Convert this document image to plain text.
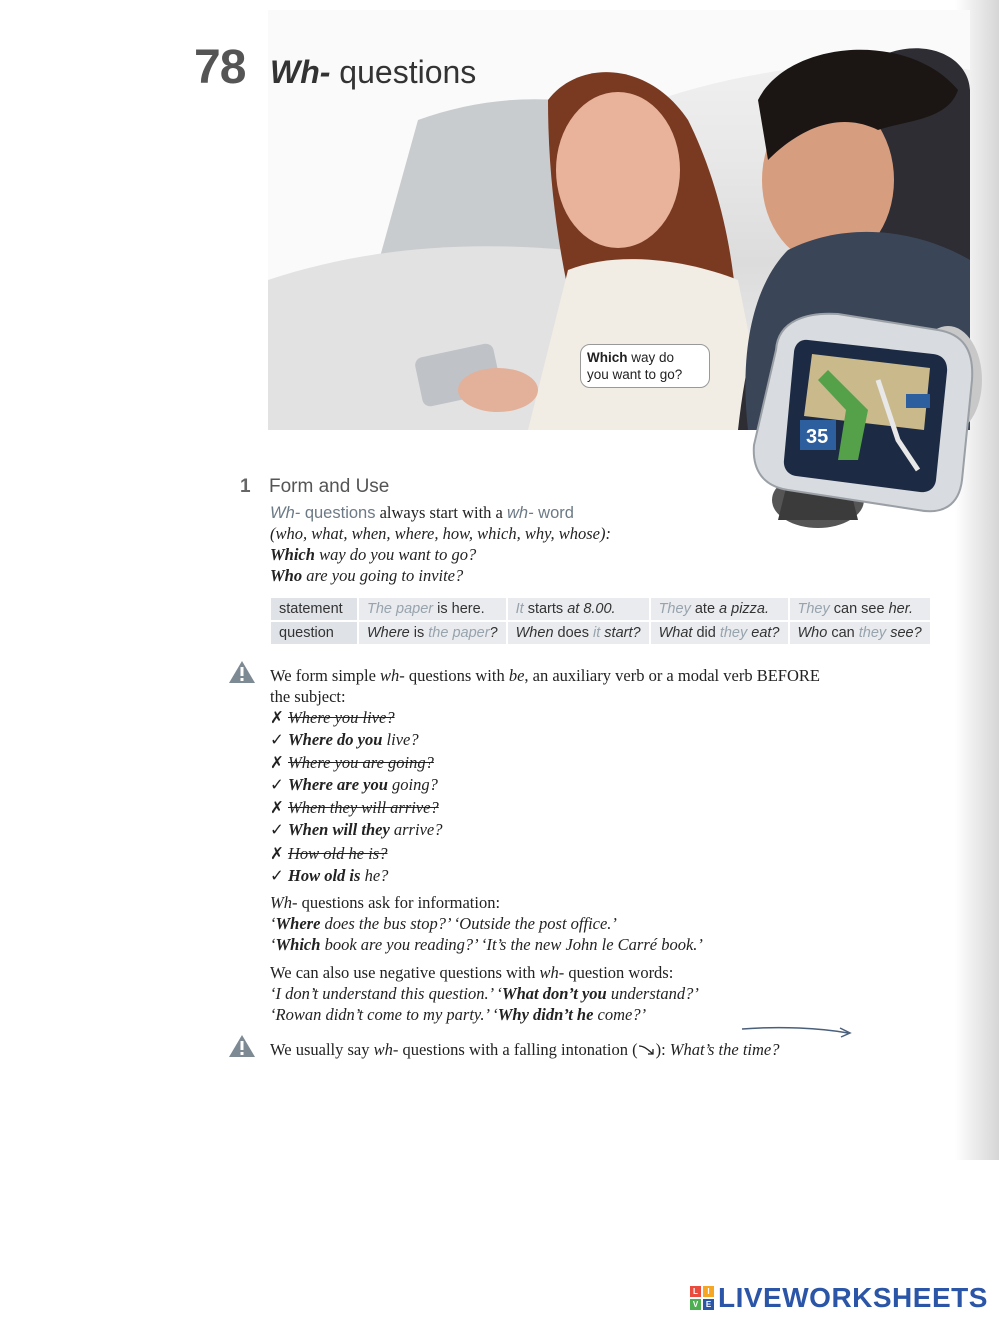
78 Wh- questions
Which way do
you want to go?
35
1 Form and Use
Wh- questions always start with a wh- word
(who, what, when, where, how, which, why, whose):
Which way do you want to go?
Who are you going to invite?
statement	The paper is here.	It starts at 8.00.	They ate a pizza.	They can see her.
question	Where is the paper?	When does it start?	What did they eat?	Who can they see?
We form simple wh- questions with be, an auxiliary verb or a modal verb BEFORE
the subject:
✗ Where you live?
✓ Where do you live?
✗ Where you are going?
✓ Where are you going?
✗ When they will arrive?
✓ When will they arrive?
✗ How old he is?
✓ How old is he?
Wh- questions ask for information:
‘Where does the bus stop?’ ‘Outside the post office.’
‘Which book are you reading?’ ‘It’s the new John le Carré book.’
We can also use negative questions with wh- question words:
‘I don’t understand this question.’ ‘What don’t you understand?’
‘Rowan didn’t come to my party.’ ‘Why didn’t he come?’
We usually say wh- questions with a falling intonation ( ): What’s the time?
L	I
V E LIVEWORKSHEETS
